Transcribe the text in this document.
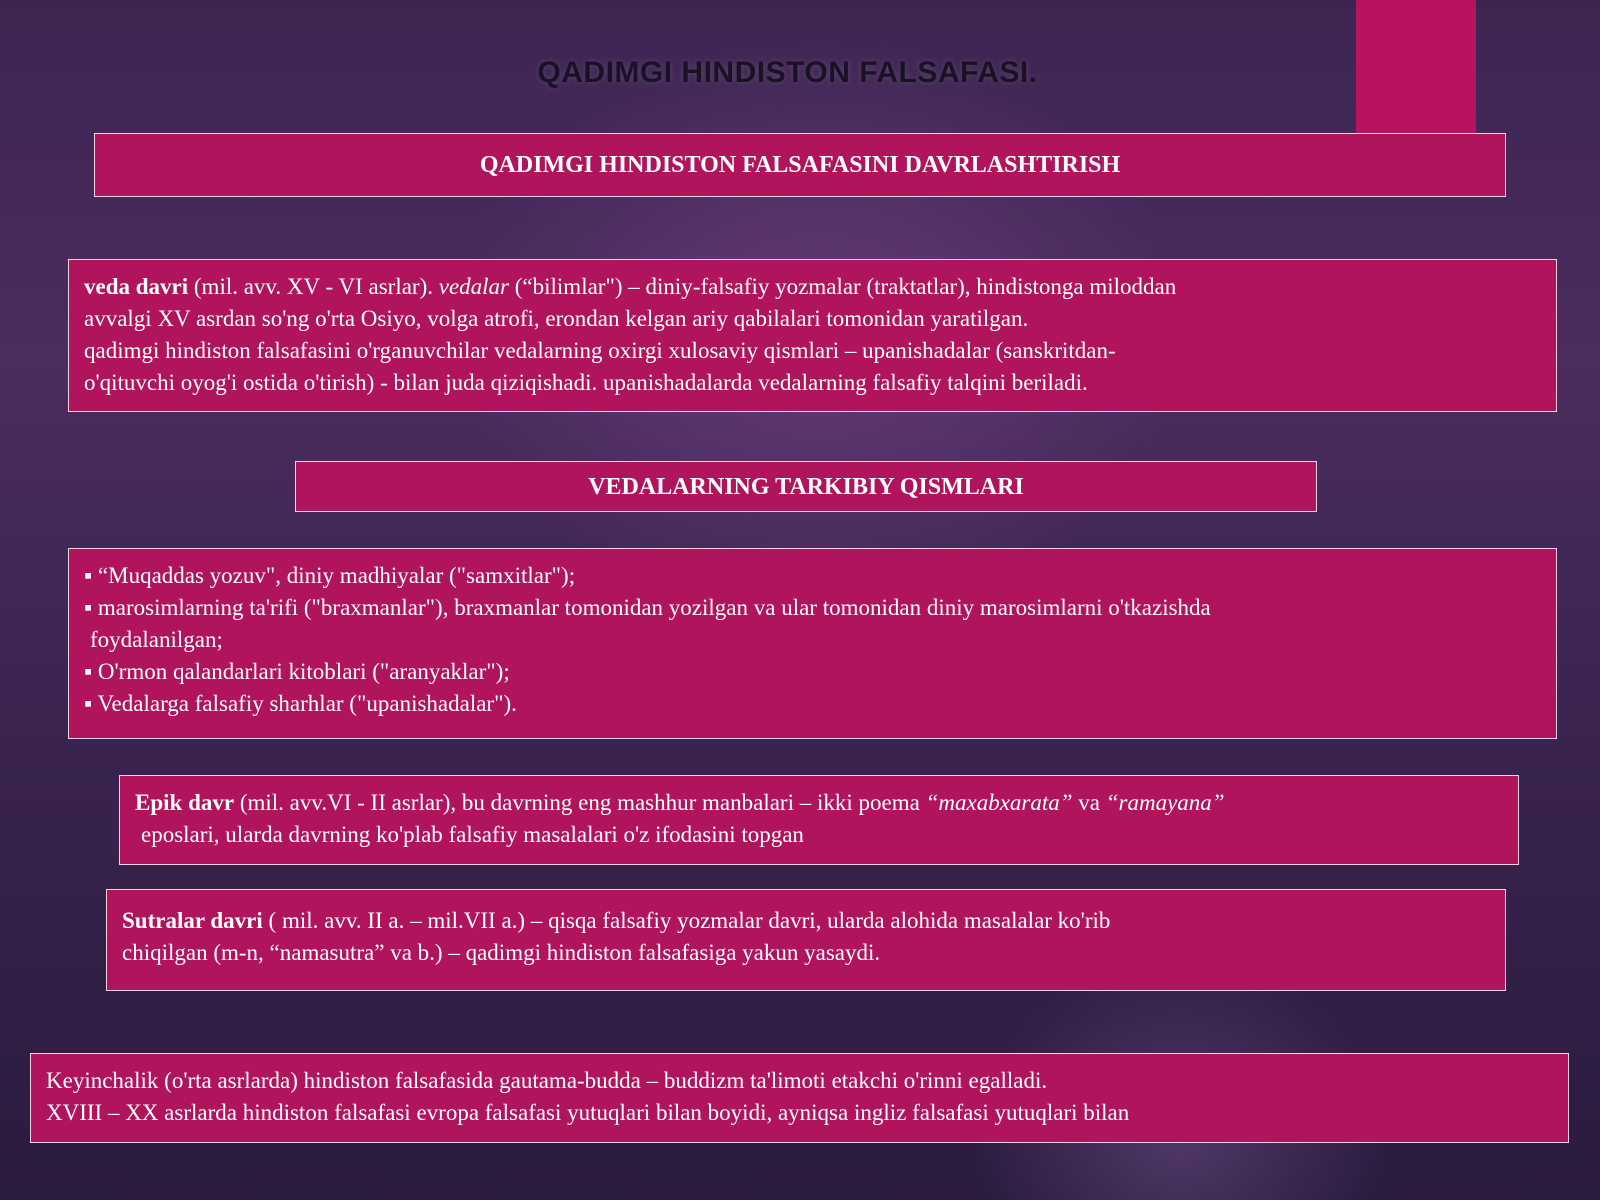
QADIMGI HINDISTON FALSAFASI.
QADIMGI HINDISTON FALSAFASINI DAVRLASHTIRISH
veda davri (mil. avv. XV - VI asrlar). vedalar (“bilimlar") – diniy-falsafiy yozmalar (traktatlar), hindistonga miloddan
avvalgi XV asrdan so'ng o'rta Osiyo, volga atrofi, erondan kelgan ariy qabilalari tomonidan yaratilgan.
qadimgi hindiston falsafasini o'rganuvchilar vedalarning oxirgi xulosaviy qismlari – upanishadalar (sanskritdan-
o'qituvchi oyog'i ostida o'tirish) - bilan juda qiziqishadi. upanishadalarda vedalarning falsafiy talqini beriladi.
VEDALARNING TARKIBIY QISMLARI
▪ “Muqaddas yozuv", diniy madhiyalar ("samxitlar");
▪ marosimlarning ta'rifi ("braxmanlar"), braxmanlar tomonidan yozilgan va ular tomonidan diniy marosimlarni o'tkazishda
foydalanilgan;
▪ O'rmon qalandarlari kitoblari ("aranyaklar");
▪ Vedalarga falsafiy sharhlar ("upanishadalar").
Epik davr (mil. avv.VI - II asrlar), bu davrning eng mashhur manbalari – ikki poema “maxabxarata” va “ramayana”
eposlari, ularda davrning ko'plab falsafiy masalalari o'z ifodasini topgan
Sutralar davri ( mil. avv. II a. – mil.VII a.) – qisqa falsafiy yozmalar davri, ularda alohida masalalar ko'rib
chiqilgan (m-n, “namasutra” va b.) – qadimgi hindiston falsafasiga yakun yasaydi.
Keyinchalik (o'rta asrlarda) hindiston falsafasida gautama-budda – buddizm ta'limoti etakchi o'rinni egalladi.
XVIII – XX asrlarda hindiston falsafasi evropa falsafasi yutuqlari bilan boyidi, ayniqsa ingliz falsafasi yutuqlari bilan
